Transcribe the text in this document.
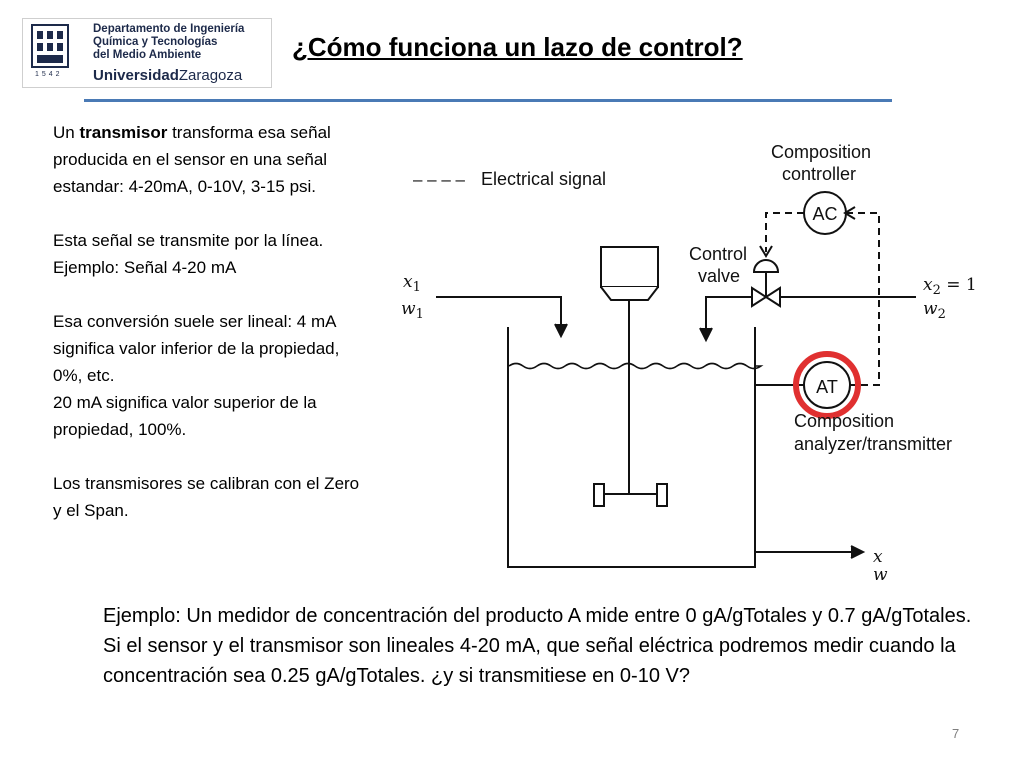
1542
Departamento de Ingeniería
Química y Tecnologías
del Medio Ambiente
UniversidadZaragoza
¿Cómo funciona un lazo de control?

Un transmisor transforma esa señal producida en el sensor en una señal estandar: 4-20mA, 0-10V, 3-15 psi.

Esta señal se transmite por la línea. Ejemplo: Señal 4-20 mA

Esa conversión suele ser lineal: 4 mA significa valor inferior de la propiedad, 0%, etc.

20 mA significa valor superior de la propiedad, 100%.

Los transmisores se calibran con el Zero y el Span.

– – – – Electrical signal
Composition
controller
AC
Control
valve
$x_1$
$w_1$
$x_2 = 1$
$w_2$
AT
Composition
analyzer/transmitter
x
w
Ejemplo: Un medidor de concentración del producto A mide entre 0 gA/gTotales y 0.7 gA/gTotales. Si el sensor y el transmisor son lineales 4-20 mA, que señal eléctrica podremos medir cuando la concentración sea 0.25 gA/gTotales. ¿y si transmitiese en 0-10 V?
7
